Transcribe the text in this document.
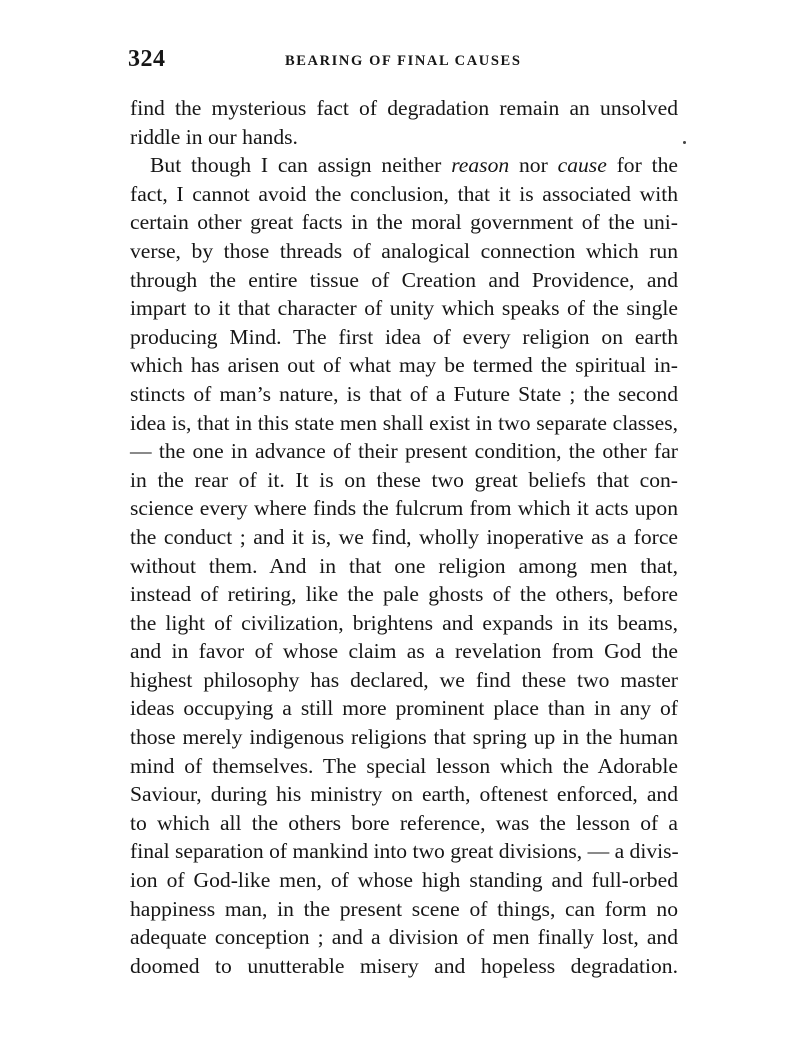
324	BEARING OF FINAL CAUSES
find the mysterious fact of degradation remain an unsolved
riddle in our hands.
But though I can assign neither reason nor cause for the
fact, I cannot avoid the conclusion, that it is associated with
certain other great facts in the moral government of the uni-
verse, by those threads of analogical connection which run
through the entire tissue of Creation and Providence, and
impart to it that character of unity which speaks of the single
producing Mind. The first idea of every religion on earth
which has arisen out of what may be termed the spiritual in-
stincts of man’s nature, is that of a Future State ; the second
idea is, that in this state men shall exist in two separate classes,
— the one in advance of their present condition, the other far
in the rear of it. It is on these two great beliefs that con-
science every where finds the fulcrum from which it acts upon
the conduct ; and it is, we find, wholly inoperative as a force
without them. And in that one religion among men that,
instead of retiring, like the pale ghosts of the others, before
the light of civilization, brightens and expands in its beams,
and in favor of whose claim as a revelation from God the
highest philosophy has declared, we find these two master
ideas occupying a still more prominent place than in any of
those merely indigenous religions that spring up in the human
mind of themselves. The special lesson which the Adorable
Saviour, during his ministry on earth, oftenest enforced, and
to which all the others bore reference, was the lesson of a
final separation of mankind into two great divisions, — a divis-
ion of God-like men, of whose high standing and full-orbed
happiness man, in the present scene of things, can form no
adequate conception ; and a division of men finally lost, and
doomed to unutterable misery and hopeless degradation.
